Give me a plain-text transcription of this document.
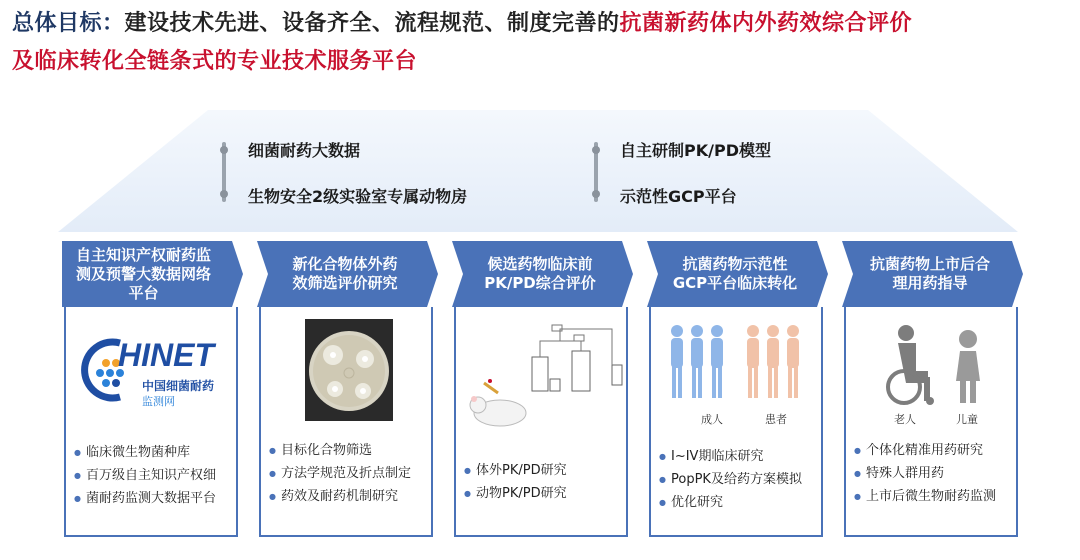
总体目标：建设技术先进、设备齐全、流程规范、制度完善的抗菌新药体内外药效综合评价
及临床转化全链条式的专业技术服务平台
细菌耐药大数据
生物安全2级实验室专属动物房
自主研制PK/PD模型
示范性GCP平台
自主知识产权耐药监
测及预警大数据网络
平台
HINET
中国细菌耐药
监测网
● 临床微生物菌种库
● 百万级自主知识产权细
● 菌耐药监测大数据平台
新化合物体外药
效筛选评价研究
● 目标化合物筛选
● 方法学规范及折点制定
● 药效及耐药机制研究
候选药物临床前
PK/PD综合评价
● 体外PK/PD研究
● 动物PK/PD研究
抗菌药物示范性
GCP平台临床转化
成人	患者
● I~IV期临床研究
● PopPK及给药方案模拟
● 优化研究
抗菌药物上市后合
理用药指导
老人	儿童
● 个体化精准用药研究
● 特殊人群用药
● 上市后微生物耐药监测
